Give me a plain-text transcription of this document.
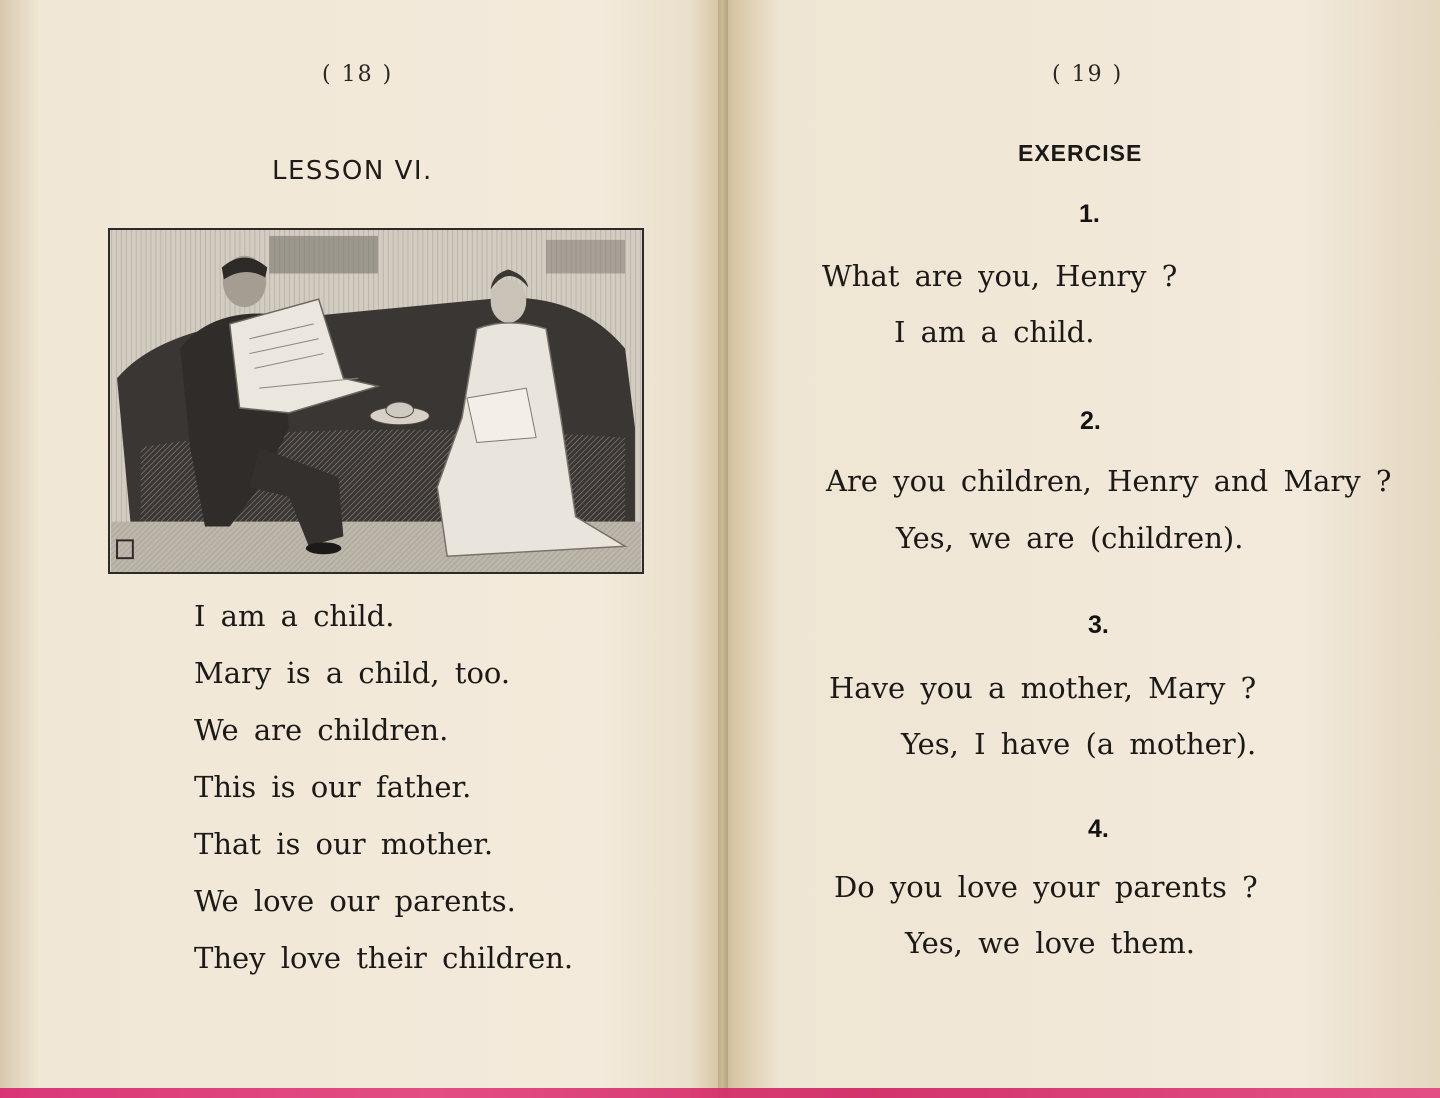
( 18 )
LESSON VI.
I am a child.
Mary is a child, too.
We are children.
This is our father.
That is our mother.
We love our parents.
They love their children.
( 19 )
EXERCISE
1.
What are you, Henry ?
I am a child.
2.
Are you children, Henry and Mary ?
Yes, we are (children).
3.
Have you a mother, Mary ?
Yes, I have (a mother).
4.
Do you love your parents ?
Yes, we love them.
